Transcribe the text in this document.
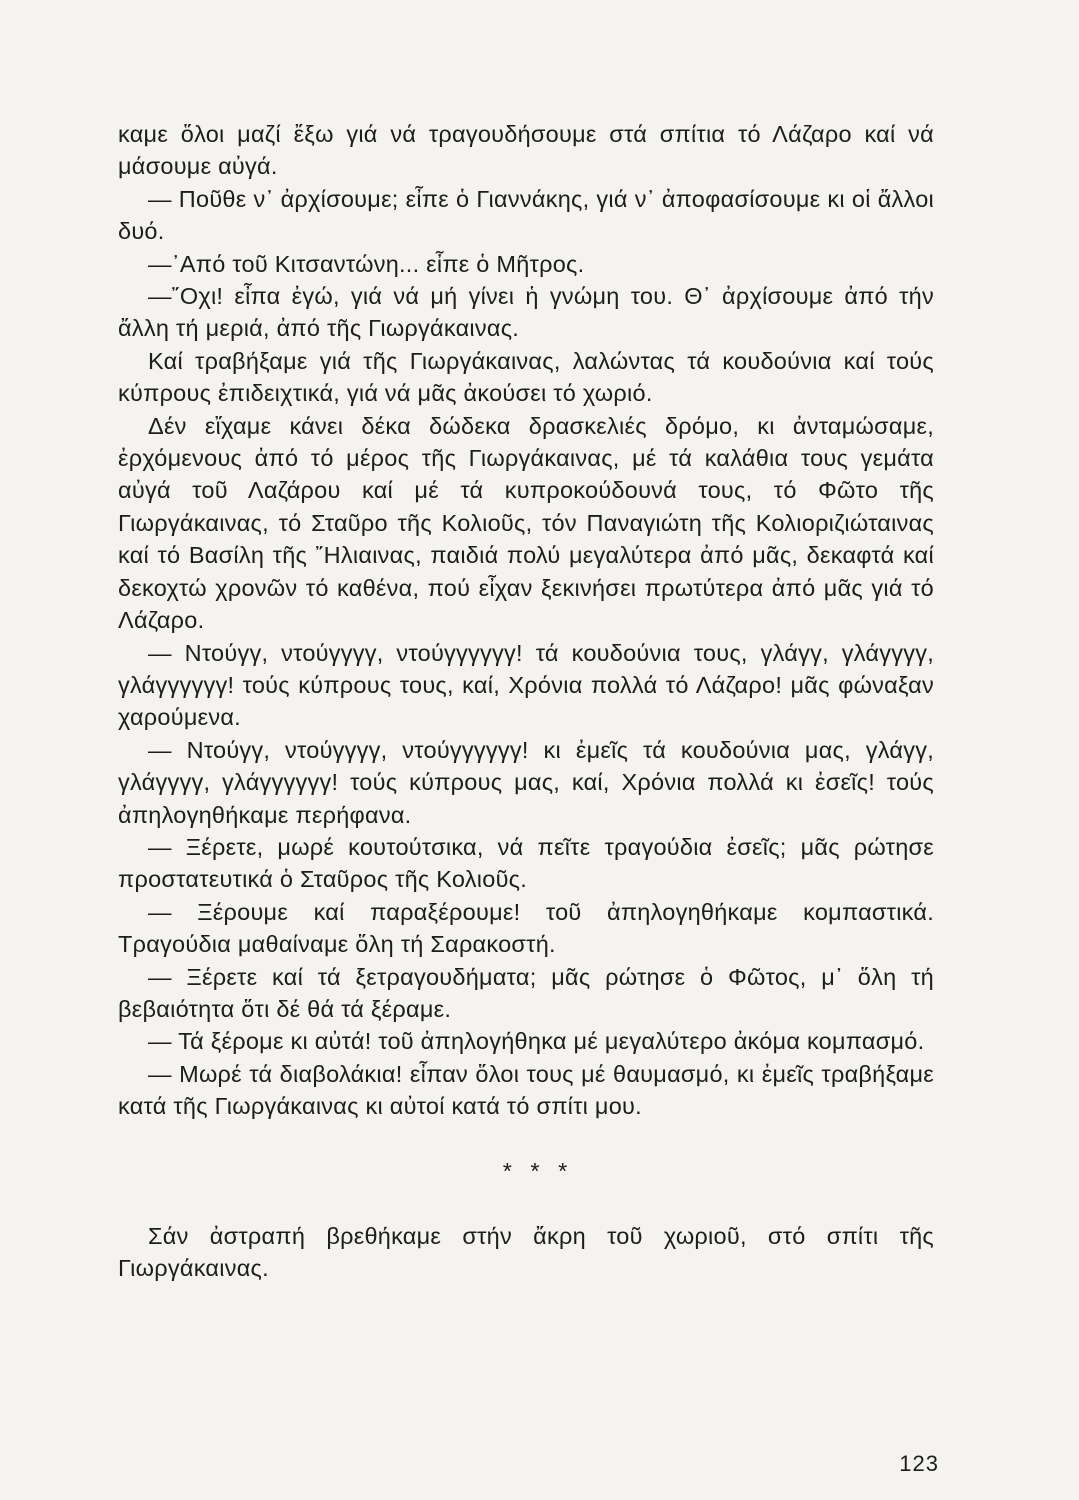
καμε ὅλοι μαζί ἔξω γιά νά τραγουδήσουμε στά σπίτια τό Λάζαρο καί νά μάσουμε αὐγά.

— Ποῦθε ν᾽ ἀρχίσουμε; εἶπε ὁ Γιαννάκης, γιά ν᾽ ἀποφασίσουμε κι οἱ ἄλλοι δυό.

—᾽Από τοῦ Κιτσαντώνη... εἶπε ὁ Μῆτρος.

—῎Οχι! εἶπα ἐγώ, γιά νά μή γίνει ἡ γνώμη του. Θ᾽ ἀρχίσουμε ἀπό τήν ἄλλη τή μεριά, ἀπό τῆς Γιωργάκαινας.

Καί τραβήξαμε γιά τῆς Γιωργάκαινας, λαλώντας τά κουδούνια καί τούς κύπρους ἐπιδειχτικά, γιά νά μᾶς ἀκούσει τό χωριό.

Δέν εἴχαμε κάνει δέκα δώδεκα δρασκελιές δρόμο, κι ἀνταμώσαμε, ἐρχόμενους ἀπό τό μέρος τῆς Γιωργάκαινας, μέ τά καλάθια τους γεμάτα αὐγά τοῦ Λαζάρου καί μέ τά κυπροκούδουνά τους, τό Φῶτο τῆς Γιωργάκαινας, τό Σταῦρο τῆς Κολιοῦς, τόν Παναγιώτη τῆς Κολιοριζιώταινας καί τό Βασίλη τῆς ῎Ηλιαινας, παιδιά πολύ μεγαλύτερα ἀπό μᾶς, δεκαφτά καί δεκοχτώ χρονῶν τό καθένα, πού εἶχαν ξεκινήσει πρωτύτερα ἀπό μᾶς γιά τό Λάζαρο.

— Ντούγγ, ντούγγγγ, ντούγγγγγγ! τά κουδούνια τους, γλάγγ, γλάγγγγ, γλάγγγγγγ! τούς κύπρους τους, καί, Χρόνια πολλά τό Λάζαρο! μᾶς φώναξαν χαρούμενα.

— Ντούγγ, ντούγγγγ, ντούγγγγγγ! κι ἐμεῖς τά κουδούνια μας, γλάγγ, γλάγγγγ, γλάγγγγγγ! τούς κύπρους μας, καί, Χρόνια πολλά κι ἐσεῖς! τούς ἀπηλογηθήκαμε περήφανα.

— Ξέρετε, μωρέ κουτούτσικα, νά πεῖτε τραγούδια ἐσεῖς; μᾶς ρώτησε προστατευτικά ὁ Σταῦρος τῆς Κολιοῦς.

— Ξέρουμε καί παραξέρουμε! τοῦ ἀπηλογηθήκαμε κομπαστικά. Τραγούδια μαθαίναμε ὅλη τή Σαρακοστή.

— Ξέρετε καί τά ξετραγουδήματα; μᾶς ρώτησε ὁ Φῶτος, μ᾽ ὅλη τή βεβαιότητα ὅτι δέ θά τά ξέραμε.

— Τά ξέρομε κι αὐτά! τοῦ ἀπηλογήθηκα μέ μεγαλύτερο ἀκόμα κομπασμό.

— Μωρέ τά διαβολάκια! εἶπαν ὅλοι τους μέ θαυμασμό, κι ἐμεῖς τραβήξαμε κατά τῆς Γιωργάκαινας κι αὐτοί κατά τό σπίτι μου.

* * *

Σάν ἀστραπή βρεθήκαμε στήν ἄκρη τοῦ χωριοῦ, στό σπίτι τῆς Γιωργάκαινας.

123
